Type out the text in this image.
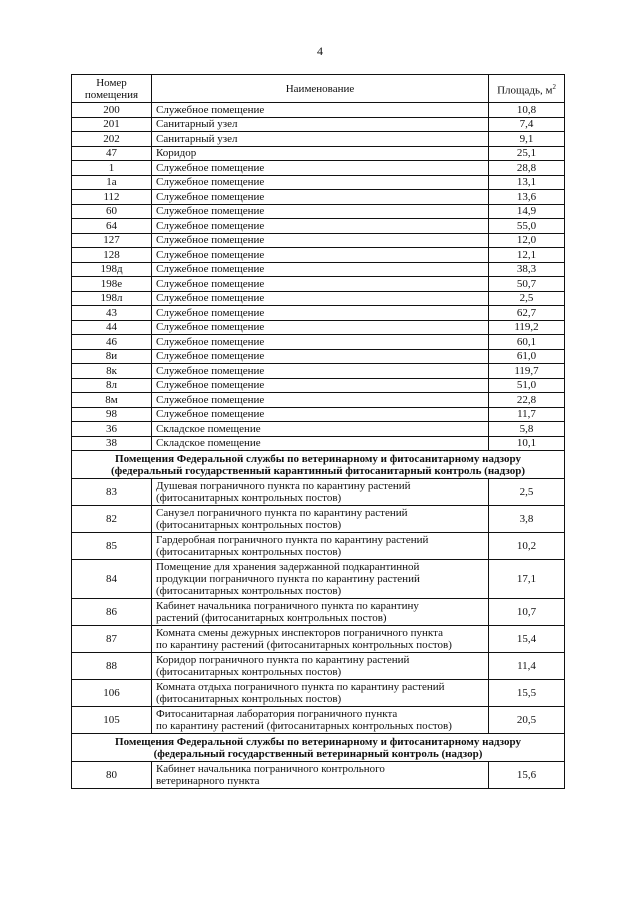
4
Номер помещения	Наименование	Площадь, $м^2$
200	Служебное помещение	10,8
201	Санитарный узел	7,4
202	Санитарный узел	9,1
47	Коридор	25,1
1	Служебное помещение	28,8
1а	Служебное помещение	13,1
112	Служебное помещение	13,6
60	Служебное помещение	14,9
64	Служебное помещение	55,0
127	Служебное помещение	12,0
128	Служебное помещение	12,1
198д	Служебное помещение	38,3
198е	Служебное помещение	50,7
198л	Служебное помещение	2,5
43	Служебное помещение	62,7
44	Служебное помещение	119,2
46	Служебное помещение	60,1
8и	Служебное помещение	61,0
8к	Служебное помещение	119,7
8л	Служебное помещение	51,0
8м	Служебное помещение	22,8
98	Служебное помещение	11,7
36	Складское помещение	5,8
38	Складское помещение	10,1

Помещения Федеральной службы по ветеринарному и фитосанитарному надзору
(федеральный государственный карантинный фитосанитарный контроль (надзор)		

83	Душевая пограничного пункта по карантину растений
(фитосанитарных контрольных постов)	2,5
82	Санузел пограничного пункта по карантину растений
(фитосанитарных контрольных постов)	3,8
85	Гардеробная пограничного пункта по карантину растений
(фитосанитарных контрольных постов)	10,2
84	Помещение для хранения задержанной подкарантинной
продукции пограничного пункта по карантину растений
(фитосанитарных контрольных постов)	17,1
86	Кабинет начальника пограничного пункта по карантину
растений (фитосанитарных контрольных постов)	10,7
87	Комната смены дежурных инспекторов пограничного пункта
по карантину растений (фитосанитарных контрольных постов)	15,4
88	Коридор пограничного пункта по карантину растений
(фитосанитарных контрольных постов)	11,4
106	Комната отдыха пограничного пункта по карантину растений
(фитосанитарных контрольных постов)	15,5
105	Фитосанитарная лаборатория пограничного пункта
по карантину растений (фитосанитарных контрольных постов)	20,5

Помещения Федеральной службы по ветеринарному и фитосанитарному надзору
(федеральный государственный ветеринарный контроль (надзор)		

80	Кабинет начальника пограничного контрольного
ветеринарного пункта	15,6
